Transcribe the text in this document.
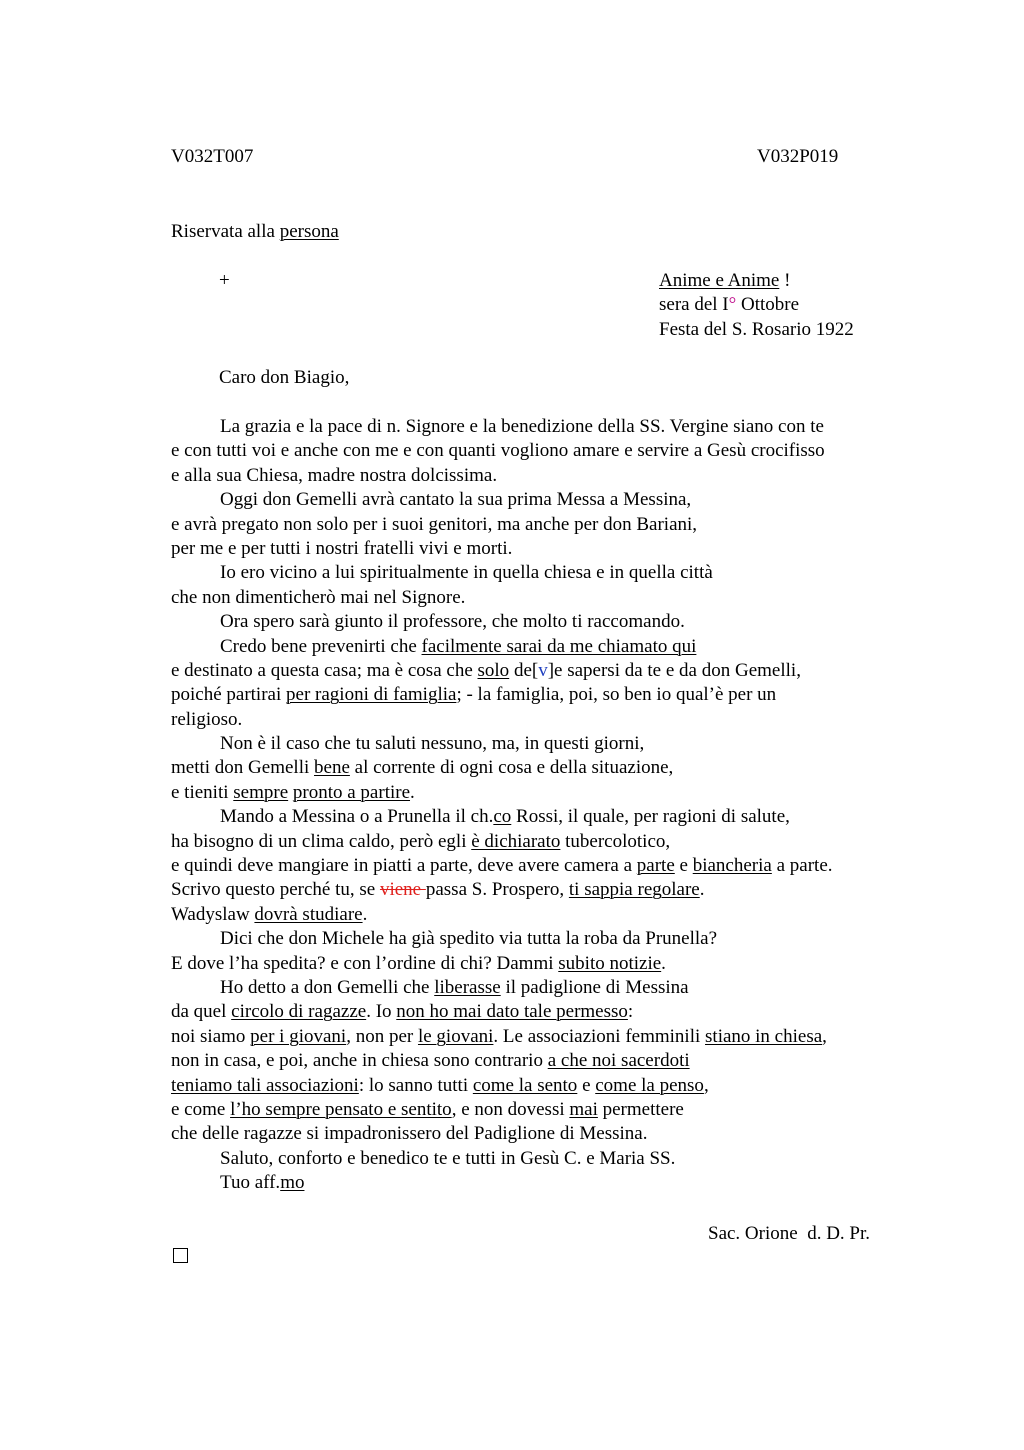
V032T007	V032P019
Riservata alla persona
+	Anime e Anime !
sera del I° Ottobre
Festa del S. Rosario 1922
Caro don Biagio,
La grazia e la pace di n. Signore e la benedizione della SS. Vergine siano con te
e con tutti voi e anche con me e con quanti vogliono amare e servire a Gesù crocifisso
e alla sua Chiesa, madre nostra dolcissima.
Oggi don Gemelli avrà cantato la sua prima Messa a Messina,
e avrà pregato non solo per i suoi genitori, ma anche per don Bariani,
per me e per tutti i nostri fratelli vivi e morti.
Io ero vicino a lui spiritualmente in quella chiesa e in quella città
che non dimenticherò mai nel Signore.
Ora spero sarà giunto il professore, che molto ti raccomando.
Credo bene prevenirti che facilmente sarai da me chiamato qui
e destinato a questa casa; ma è cosa che solo de[v]e sapersi da te e da don Gemelli,
poiché partirai per ragioni di famiglia; - la famiglia, poi, so ben io qual’è per un
religioso.
Non è il caso che tu saluti nessuno, ma, in questi giorni,
metti don Gemelli bene al corrente di ogni cosa e della situazione,
e tieniti sempre pronto a partire.
Mando a Messina o a Prunella il ch.co Rossi, il quale, per ragioni di salute,
ha bisogno di un clima caldo, però egli è dichiarato tubercolotico,
e quindi deve mangiare in piatti a parte, deve avere camera a parte e biancheria a parte.
Scrivo questo perché tu, se viene passa S. Prospero, ti sappia regolare.
Wadyslaw dovrà studiare.
Dici che don Michele ha già spedito via tutta la roba da Prunella?
E dove l’ha spedita? e con l’ordine di chi? Dammi subito notizie.
Ho detto a don Gemelli che liberasse il padiglione di Messina
da quel circolo di ragazze. Io non ho mai dato tale permesso:
noi siamo per i giovani, non per le giovani. Le associazioni femminili stiano in chiesa,
non in casa, e poi, anche in chiesa sono contrario a che noi sacerdoti
teniamo tali associazioni: lo sanno tutti come la sento e come la penso,
e come l’ho sempre pensato e sentito, e non dovessi mai permettere
che delle ragazze si impadronissero del Padiglione di Messina.
Saluto, conforto e benedico te e tutti in Gesù C. e Maria SS.
Tuo aff.mo
Sac. Orione  d. D. Pr.
